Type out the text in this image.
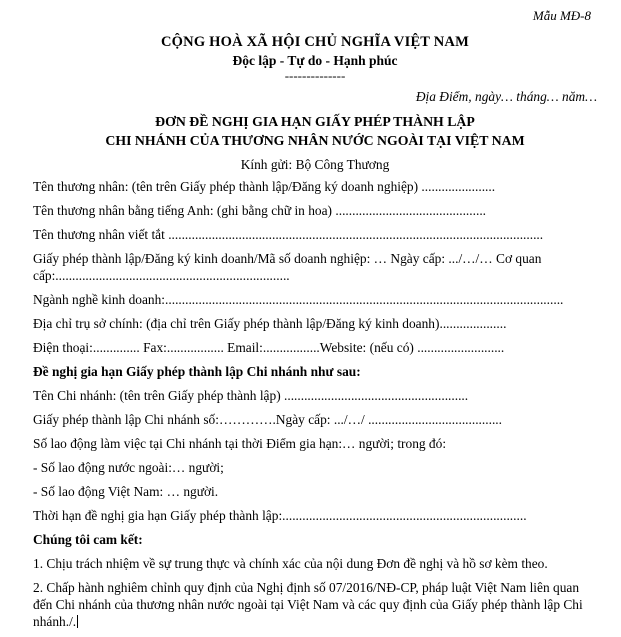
Mẫu MĐ-8
CỘNG HOÀ XÃ HỘI CHỦ NGHĨA VIỆT NAM
Độc lập - Tự do - Hạnh phúc
--------------
Địa Điểm, ngày… tháng… năm…
ĐƠN ĐỀ NGHỊ GIA HẠN GIẤY PHÉP THÀNH LẬP
CHI NHÁNH CỦA THƯƠNG NHÂN NƯỚC NGOÀI TẠI VIỆT NAM
Kính gửi: Bộ Công Thương

Tên thương nhân: (tên trên Giấy phép thành lập/Đăng ký doanh nghiệp) ......................

Tên thương nhân bằng tiếng Anh: (ghi bằng chữ in hoa) .............................................

Tên thương nhân viết tắt ................................................................................................................

Giấy phép thành lập/Đăng ký kinh doanh/Mã số doanh nghiệp: … Ngày cấp: .../…/… Cơ quan cấp:......................................................................

Ngành nghề kinh doanh:.......................................................................................................................

Địa chỉ trụ sở chính: (địa chỉ trên Giấy phép thành lập/Đăng ký kinh doanh)....................

Điện thoại:.............. Fax:................. Email:.................Website: (nếu có) ..........................

Đề nghị gia hạn Giấy phép thành lập Chi nhánh như sau:

Tên Chi nhánh: (tên trên Giấy phép thành lập) .......................................................

Giấy phép thành lập Chi nhánh số:………….Ngày cấp: .../…/ ........................................

Số lao động làm việc tại Chi nhánh tại thời Điểm gia hạn:… người; trong đó:

- Số lao động nước ngoài:… người;

- Số lao động Việt Nam: … người.

Thời hạn đề nghị gia hạn Giấy phép thành lập:.........................................................................

Chúng tôi cam kết:

1. Chịu trách nhiệm về sự trung thực và chính xác của nội dung Đơn đề nghị và hồ sơ kèm theo.

2. Chấp hành nghiêm chỉnh quy định của Nghị định số 07/2016/NĐ-CP, pháp luật Việt Nam liên quan đến Chi nhánh của thương nhân nước ngoài tại Việt Nam và các quy định của Giấy phép thành lập Chi nhánh./.
